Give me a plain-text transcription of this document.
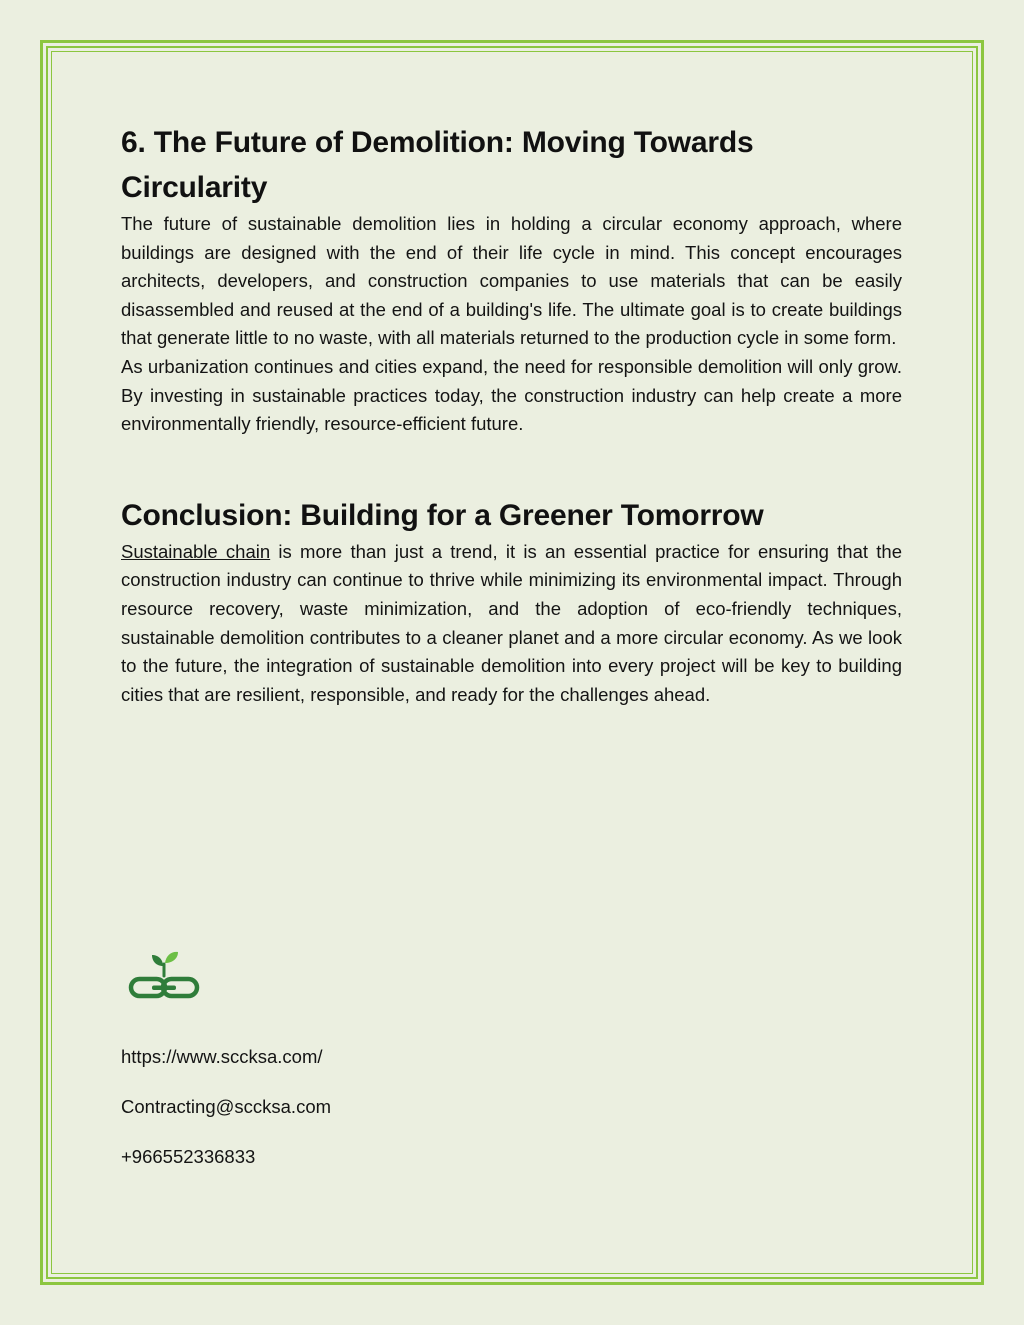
6. The Future of Demolition: Moving Towards Circularity

The future of sustainable demolition lies in holding a circular economy approach, where buildings are designed with the end of their life cycle in mind. This concept encourages architects, developers, and construction companies to use materials that can be easily disassembled and reused at the end of a building's life. The ultimate goal is to create buildings that generate little to no waste, with all materials returned to the production cycle in some form.

As urbanization continues and cities expand, the need for responsible demolition will only grow. By investing in sustainable practices today, the construction industry can help create a more environmentally friendly, resource-efficient future.

Conclusion: Building for a Greener Tomorrow

Sustainable chain is more than just a trend, it is an essential practice for ensuring that the construction industry can continue to thrive while minimizing its environmental impact. Through resource recovery, waste minimization, and the adoption of eco-friendly techniques, sustainable demolition contributes to a cleaner planet and a more circular economy. As we look to the future, the integration of sustainable demolition into every project will be key to building cities that are resilient, responsible, and ready for the challenges ahead.

https://www.sccksa.com/
Contracting@sccksa.com
+966552336833
